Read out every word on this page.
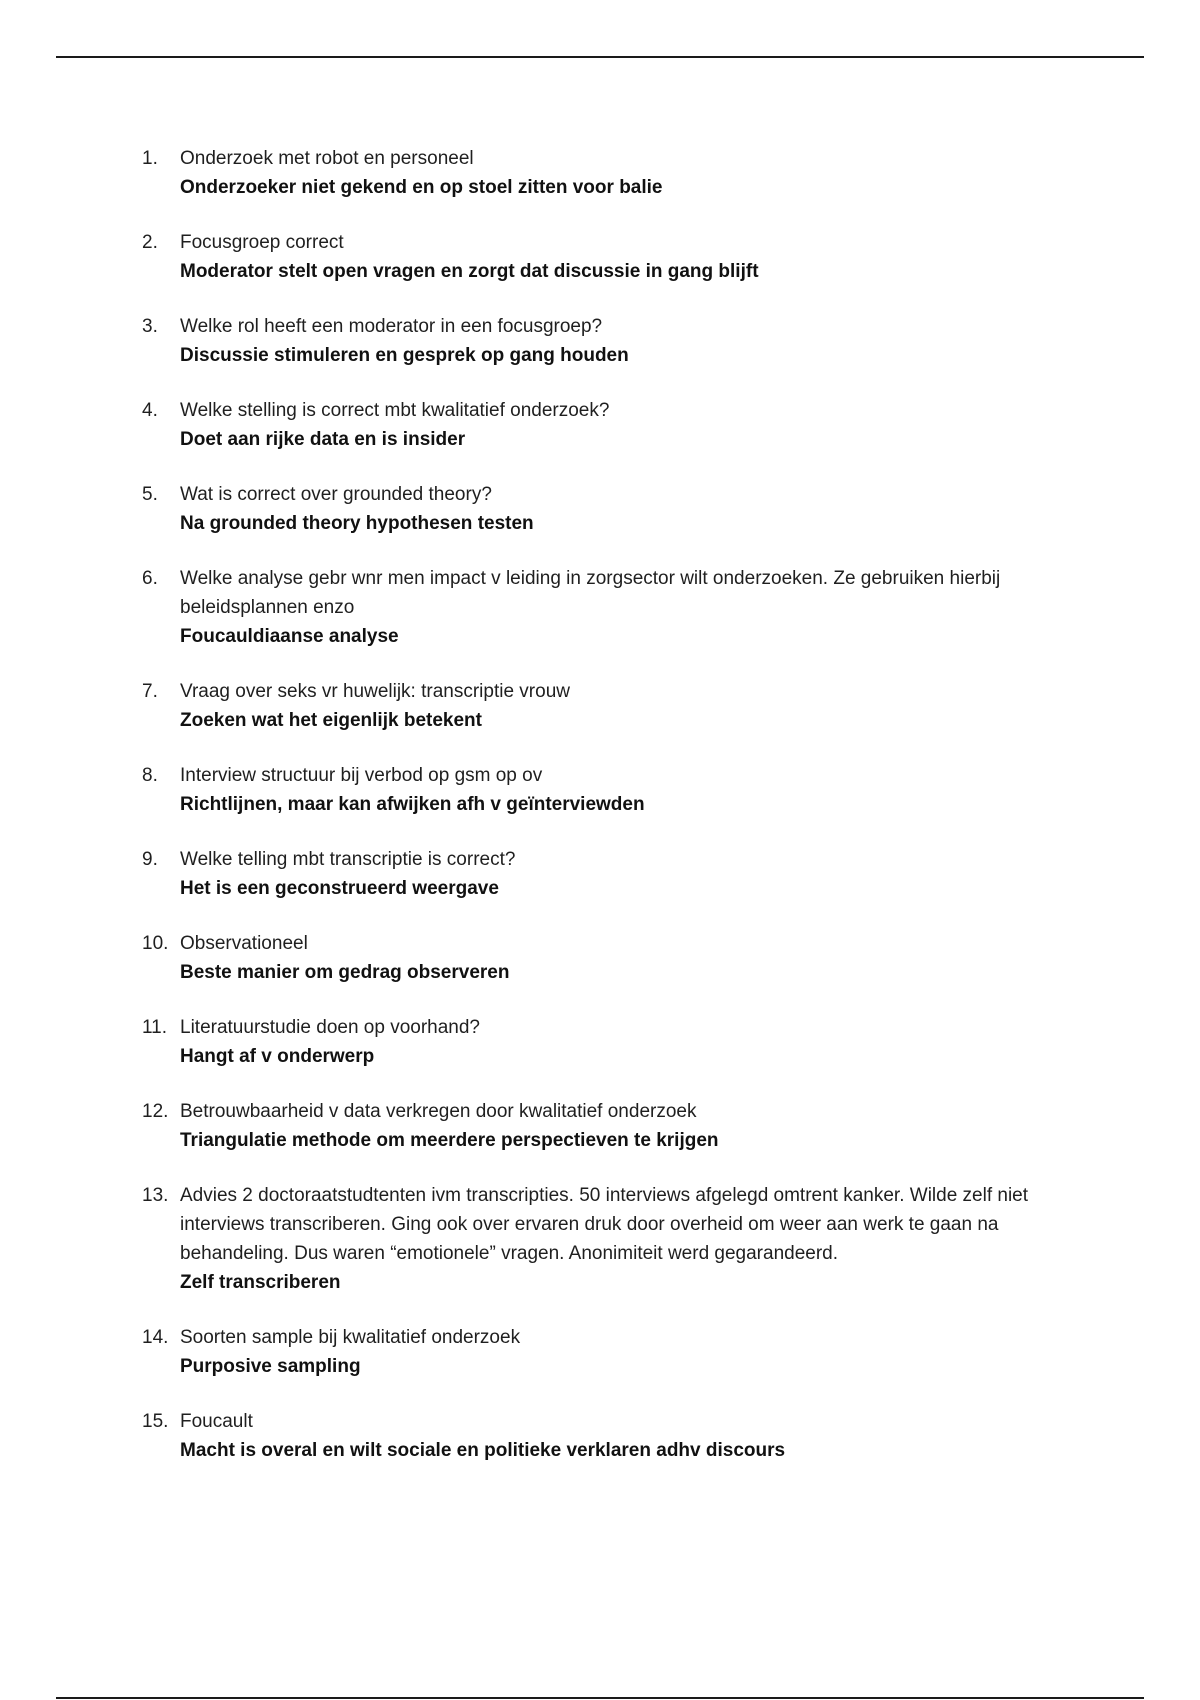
1.	Onderzoek met robot en personeel
Onderzoeker niet gekend en op stoel zitten voor balie
2.	Focusgroep correct
Moderator stelt open vragen en zorgt dat discussie in gang blijft
3.	Welke rol heeft een moderator in een focusgroep?
Discussie stimuleren en gesprek op gang houden
4.	Welke stelling is correct mbt kwalitatief onderzoek?
Doet aan rijke data en is insider
5.	Wat is correct over grounded theory?
Na grounded theory hypothesen testen
6.	Welke analyse gebr wnr men impact v leiding in zorgsector wilt onderzoeken. Ze gebruiken hierbij beleidsplannen enzo
Foucauldiaanse analyse
7.	Vraag over seks vr huwelijk: transcriptie vrouw
Zoeken wat het eigenlijk betekent
8.	Interview structuur bij verbod op gsm op ov
Richtlijnen, maar kan afwijken afh v geïnterviewden
9.	Welke telling mbt transcriptie is correct?
Het is een geconstrueerd weergave
10. Observationeel
Beste manier om gedrag observeren
11. Literatuurstudie doen op voorhand?
Hangt af v onderwerp
12. Betrouwbaarheid v data verkregen door kwalitatief onderzoek
Triangulatie methode om meerdere perspectieven te krijgen
13. Advies 2 doctoraatstudtenten ivm transcripties. 50 interviews afgelegd omtrent kanker. Wilde zelf niet interviews transcriberen. Ging ook over ervaren druk door overheid om weer aan werk te gaan na behandeling. Dus waren “emotionele” vragen. Anonimiteit werd gegarandeerd.
Zelf transcriberen
14. Soorten sample bij kwalitatief onderzoek
Purposive sampling
15. Foucault
Macht is overal en wilt sociale en politieke verklaren adhv discours
